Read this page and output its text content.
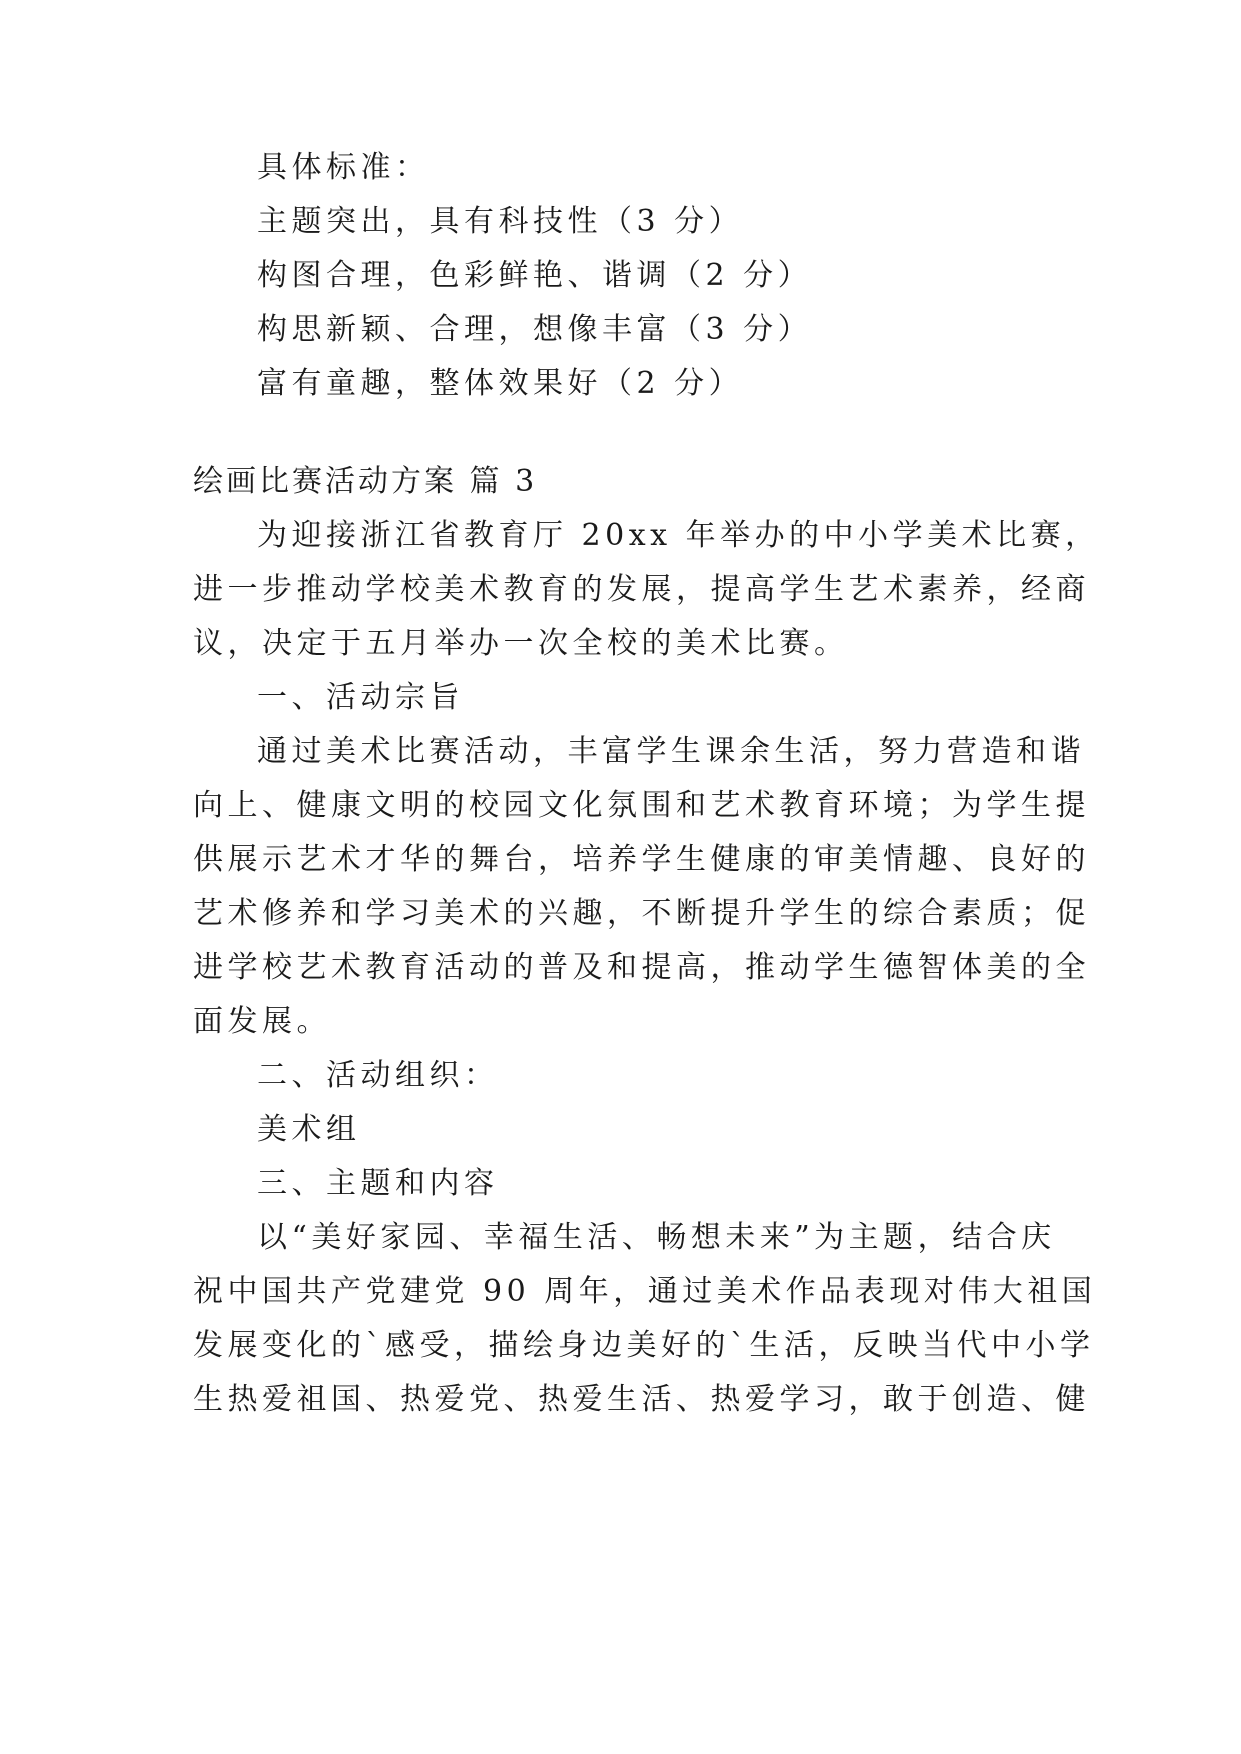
具体标准：
主题突出，具有科技性（3 分）
构图合理，色彩鲜艳、谐调（2 分）
构思新颖、合理，想像丰富（3 分）
富有童趣，整体效果好（2 分）
绘画比赛活动方案 篇 3
为迎接浙江省教育厅 20xx 年举办的中小学美术比赛，
进一步推动学校美术教育的发展，提高学生艺术素养，经商
议，决定于五月举办一次全校的美术比赛。
一、活动宗旨
通过美术比赛活动，丰富学生课余生活，努力营造和谐
向上、健康文明的校园文化氛围和艺术教育环境；为学生提
供展示艺术才华的舞台，培养学生健康的审美情趣、良好的
艺术修养和学习美术的兴趣，不断提升学生的综合素质；促
进学校艺术教育活动的普及和提高，推动学生德智体美的全
面发展。
二、活动组织：
美术组
三、主题和内容
以“美好家园、幸福生活、畅想未来”为主题，结合庆
祝中国共产党建党 90 周年，通过美术作品表现对伟大祖国
发展变化的`感受，描绘身边美好的`生活，反映当代中小学
生热爱祖国、热爱党、热爱生活、热爱学习，敢于创造、健
